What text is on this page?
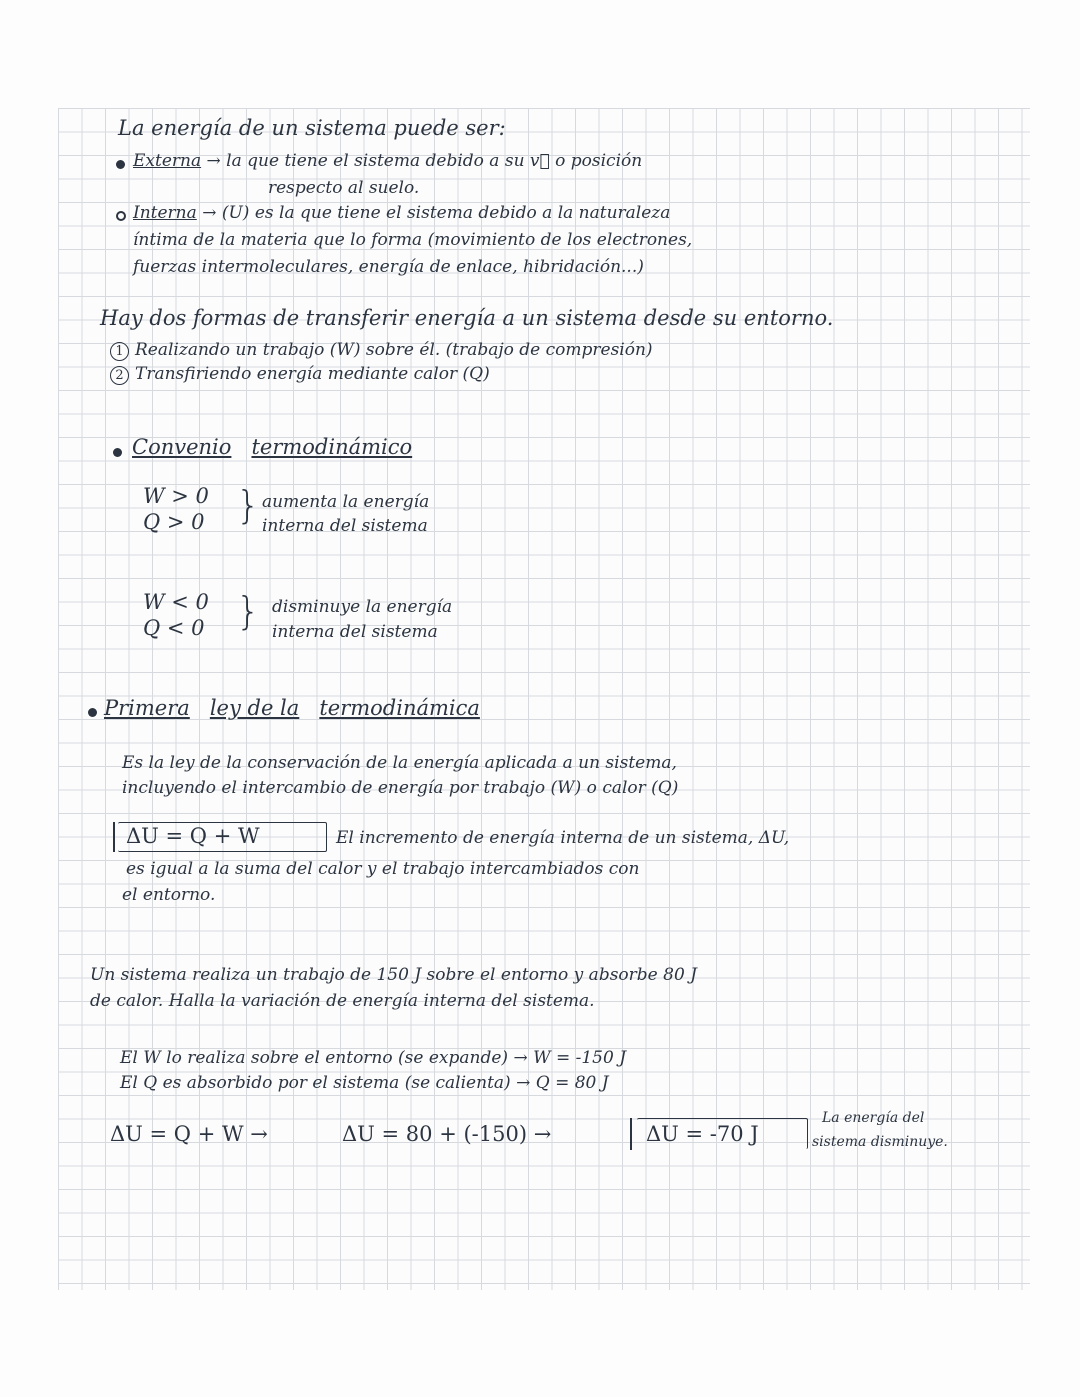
La energía de un sistema puede ser:
Externa → la que tiene el sistema debido a su v⃗ o posición
respecto al suelo.
Interna → (U) es la que tiene el sistema debido a la naturaleza
íntima de la materia que lo forma (movimiento de los electrones,
fuerzas intermoleculares, energía de enlace, hibridación...)
Hay dos formas de transferir energía a un sistema desde su entorno.
1 Realizando un trabajo (W) sobre él. (trabajo de compresión)
2 Transfiriendo energía mediante calor (Q)
Convenio termodinámico
W > 0
Q > 0 } aumenta la energía
interna del sistema
W < 0
Q < 0 } disminuye la energía
interna del sistema
Primera ley de la termodinámica
Es la ley de la conservación de la energía aplicada a un sistema,
incluyendo el intercambio de energía por trabajo (W) o calor (Q)
ΔU = Q + W	El incremento de energía interna de un sistema, ΔU,
es igual a la suma del calor y el trabajo intercambiados con
el entorno.
Un sistema realiza un trabajo de 150 J sobre el entorno y absorbe 80 J
de calor. Halla la variación de energía interna del sistema.
El W lo realiza sobre el entorno (se expande) → W = -150 J
El Q es absorbido por el sistema (se calienta) → Q = 80 J
ΔU = Q + W →	ΔU = 80 + (-150) →	ΔU = -70 J
La energía del
sistema disminuye.
